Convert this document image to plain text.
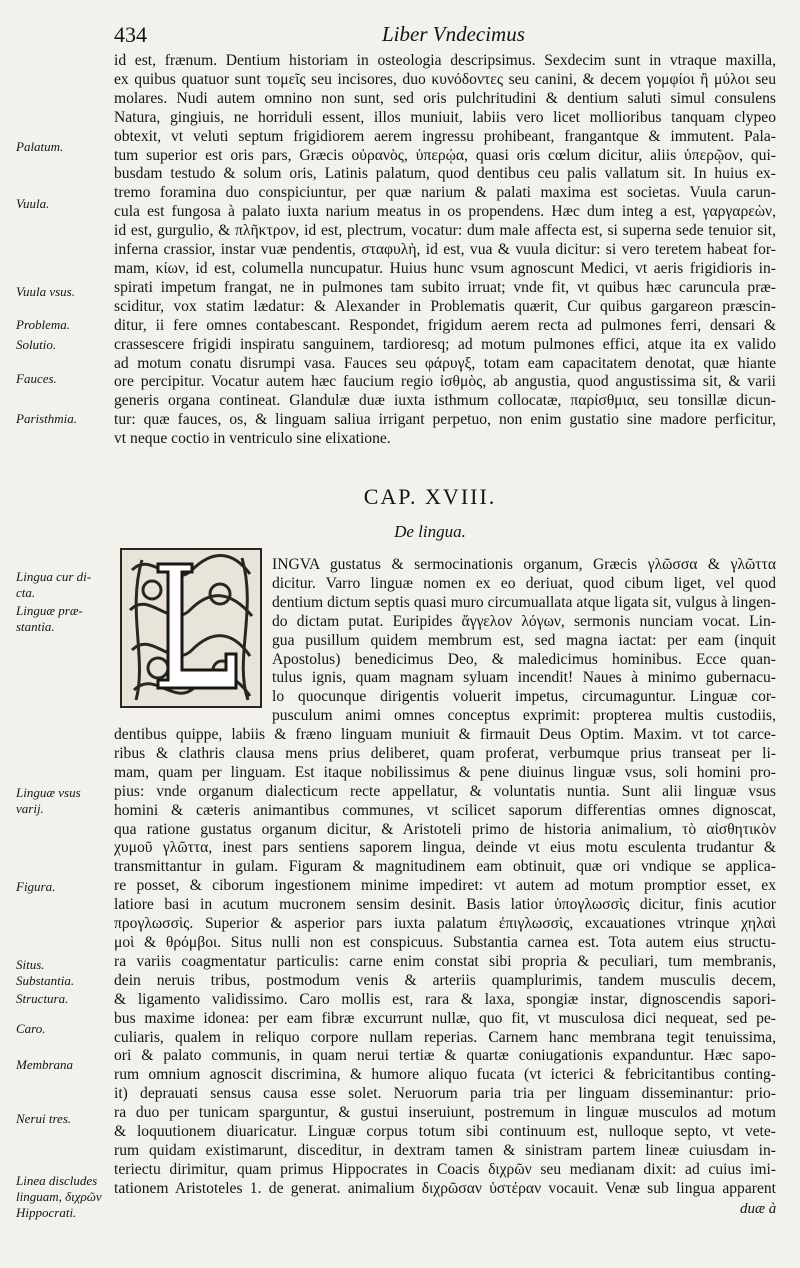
434	Liber Vndecimus
id est, frænum. Dentium historiam in osteologia descripsimus. Sexdecim sunt in vtraque maxilla,
ex quibus quatuor sunt τομεῖς seu incisores, duo κυνόδοντες seu canini, & decem γομφίοι ἢ μύλοι seu
molares. Nudi autem omnino non sunt, sed oris pulchritudini & dentium saluti simul consulens
Natura, gingiuis, ne horriduli essent, illos muniuit, labiis vero licet mollioribus tanquam clypeo
obtexit, vt veluti septum frigidiorem aerem ingressu prohibeant, frangantque & immutent. Pala-
tum superior est oris pars, Græcis οὐρανὸς, ὑπερῴα, quasi oris cœlum dicitur, aliis ὑπερῷον, qui-
busdam testudo & solum oris, Latinis palatum, quod dentibus ceu palis vallatum sit. In huius ex-
tremo foramina duo conspiciuntur, per quæ narium & palati maxima est societas. Vuula carun-
cula est fungosa à palato iuxta narium meatus in os propendens. Hæc dum integ a est, γαργαρεὼν,
id est, gurgulio, & πλῆκτρον, id est, plectrum, vocatur: dum male affecta est, si superna sede tenuior sit,
inferna crassior, instar vuæ pendentis, σταφυλὴ, id est, vua & vuula dicitur: si vero teretem habeat for-
mam, κίων, id est, columella nuncupatur. Huius hunc vsum agnoscunt Medici, vt aeris frigidioris in-
spirati impetum frangat, ne in pulmones tam subito irruat; vnde fit, vt quibus hæc caruncula præ-
sciditur, vox statim lædatur: & Alexander in Problematis quærit, Cur quibus gargareon præscin-
ditur, ii fere omnes contabescant. Respondet, frigidum aerem recta ad pulmones ferri, densari &
crassescere frigidi inspiratu sanguinem, tardioresq; ad motum pulmones effici, atque ita ex valido
ad motum conatu disrumpi vasa. Fauces seu φάρυγξ, totam eam capacitatem denotat, quæ hiante
ore percipitur. Vocatur autem hæc faucium regio ἰσθμὸς, ab angustia, quod angustissima sit, & varii
generis organa contineat. Glandulæ duæ iuxta isthmum collocatæ, παρίσθμια, seu tonsillæ dicun-
tur: quæ fauces, os, & linguam saliua irrigant perpetuo, non enim gustatio sine madore perficitur,
vt neque coctio in ventriculo sine elixatione.
Palatum.
Vuula.
Vuula vsus.
Problema.
Solutio.
Fauces.
Paristhmia.
CAP. XVIII.
De lingua.
INGVA gustatus & sermocinationis organum, Græcis γλῶσσα & γλῶττα
dicitur. Varro linguæ nomen ex eo deriuat, quod cibum liget, vel quod
dentium dictum septis quasi muro circumuallata atque ligata sit, vulgus à lingen-
do dictam putat. Euripides ἄγγελον λόγων, sermonis nunciam vocat. Lin-
gua pusillum quidem membrum est, sed magna iactat: per eam (inquit
Apostolus) benedicimus Deo, & maledicimus hominibus. Ecce quan-
tulus ignis, quam magnam syluam incendit! Naues à minimo gubernacu-
lo quocunque dirigentis voluerit impetus, circumaguntur. Linguæ cor-
pusculum animi omnes conceptus exprimit: propterea multis custodiis,
dentibus quippe, labiis & fræno linguam muniuit & firmauit Deus Optim. Maxim. vt tot carce-
ribus & clathris clausa mens prius deliberet, quam proferat, verbumque prius transeat per li-
mam, quam per linguam. Est itaque nobilissimus & pene diuinus linguæ vsus, soli homini pro-
pius: vnde organum dialecticum recte appellatur, & voluntatis nuntia. Sunt alii linguæ vsus
homini & cæteris animantibus communes, vt scilicet saporum differentias omnes dignoscat,
qua ratione gustatus organum dicitur, & Aristoteli primo de historia animalium, τὸ αἰσθητικὸν
χυμοῦ γλῶττα, inest pars sentiens saporem lingua, deinde vt eius motu esculenta trudantur &
transmittantur in gulam. Figuram & magnitudinem eam obtinuit, quæ ori vndique se applica-
re posset, & ciborum ingestionem minime impediret: vt autem ad motum promptior esset, ex
latiore basi in acutum mucronem sensim desinit. Basis latior ὑπογλωσσὶς dicitur, finis acutior
προγλωσσὶς. Superior & asperior pars iuxta palatum ἐπιγλωσσὶς, excauationes vtrinque χηλαὶ
μοὶ & θρόμβοι. Situs nulli non est conspicuus. Substantia carnea est. Tota autem eius structu-
ra variis coagmentatur particulis: carne enim constat sibi propria & peculiari, tum membranis,
dein neruis tribus, postmodum venis & arteriis quamplurimis, tandem musculis decem,
& ligamento validissimo. Caro mollis est, rara & laxa, spongiæ instar, dignoscendis sapori-
bus maxime idonea: per eam fibræ excurrunt nullæ, quo fit, vt musculosa dici nequeat, sed pe-
culiaris, qualem in reliquo corpore nullam reperias. Carnem hanc membrana tegit tenuissima,
ori & palato communis, in quam nerui tertiæ & quartæ coniugationis expanduntur. Hæc sapo-
rum omnium agnoscit discrimina, & humore aliquo fucata (vt icterici & febricitantibus conting-
it) deprauati sensus causa esse solet. Neruorum paria tria per linguam disseminantur: prio-
ra duo per tunicam sparguntur, & gustui inseruiunt, postremum in linguæ musculos ad motum
& loquutionem diuaricatur. Linguæ corpus totum sibi continuum est, nulloque septo, vt vete-
rum quidam existimarunt, disceditur, in dextram tamen & sinistram partem lineæ cuiusdam in-
teriectu dirimitur, quam primus Hippocrates in Coacis διχρῶν seu medianam dixit: ad cuius imi-
tationem Aristoteles 1. de generat. animalium διχρῶσαν ὑστέραν vocauit. Venæ sub lingua apparent
duæ à
Lingua cur di-
cta.
Linguæ præ-
stantia.
Linguæ vsus
varij.
Figura.
Situs.
Substantia.
Structura.
Caro.
Membrana
Nerui tres.
Linea discludes
linguam, διχρῶν
Hippocrati.
